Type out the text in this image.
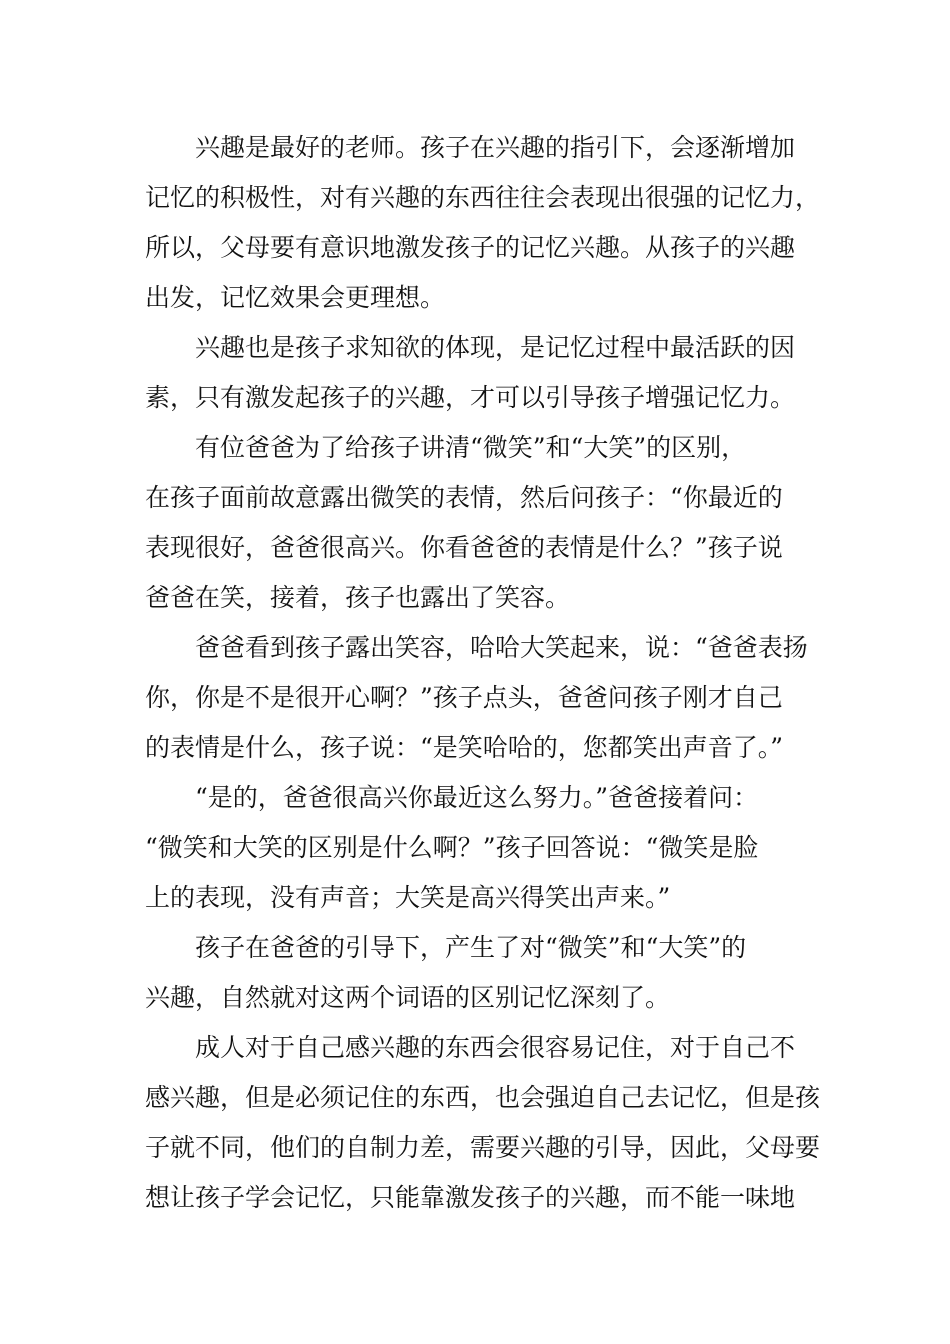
兴趣是最好的老师。孩子在兴趣的指引下，会逐渐增加
记忆的积极性，对有兴趣的东西往往会表现出很强的记忆力，
所以，父母要有意识地激发孩子的记忆兴趣。从孩子的兴趣
出发，记忆效果会更理想。
兴趣也是孩子求知欲的体现，是记忆过程中最活跃的因
素，只有激发起孩子的兴趣，才可以引导孩子增强记忆力。
有位爸爸为了给孩子讲清“微笑”和“大笑”的区别，
在孩子面前故意露出微笑的表情，然后问孩子：“你最近的
表现很好，爸爸很高兴。你看爸爸的表情是什么？”孩子说
爸爸在笑，接着，孩子也露出了笑容。
爸爸看到孩子露出笑容，哈哈大笑起来，说：“爸爸表扬
你，你是不是很开心啊？”孩子点头，爸爸问孩子刚才自己
的表情是什么，孩子说：“是笑哈哈的，您都笑出声音了。”
“是的，爸爸很高兴你最近这么努力。”爸爸接着问：
“微笑和大笑的区别是什么啊？”孩子回答说：“微笑是脸
上的表现，没有声音；大笑是高兴得笑出声来。”
孩子在爸爸的引导下，产生了对“微笑”和“大笑”的
兴趣，自然就对这两个词语的区别记忆深刻了。
成人对于自己感兴趣的东西会很容易记住，对于自己不
感兴趣，但是必须记住的东西，也会强迫自己去记忆，但是孩
子就不同，他们的自制力差，需要兴趣的引导，因此，父母要
想让孩子学会记忆，只能靠激发孩子的兴趣，而不能一味地
